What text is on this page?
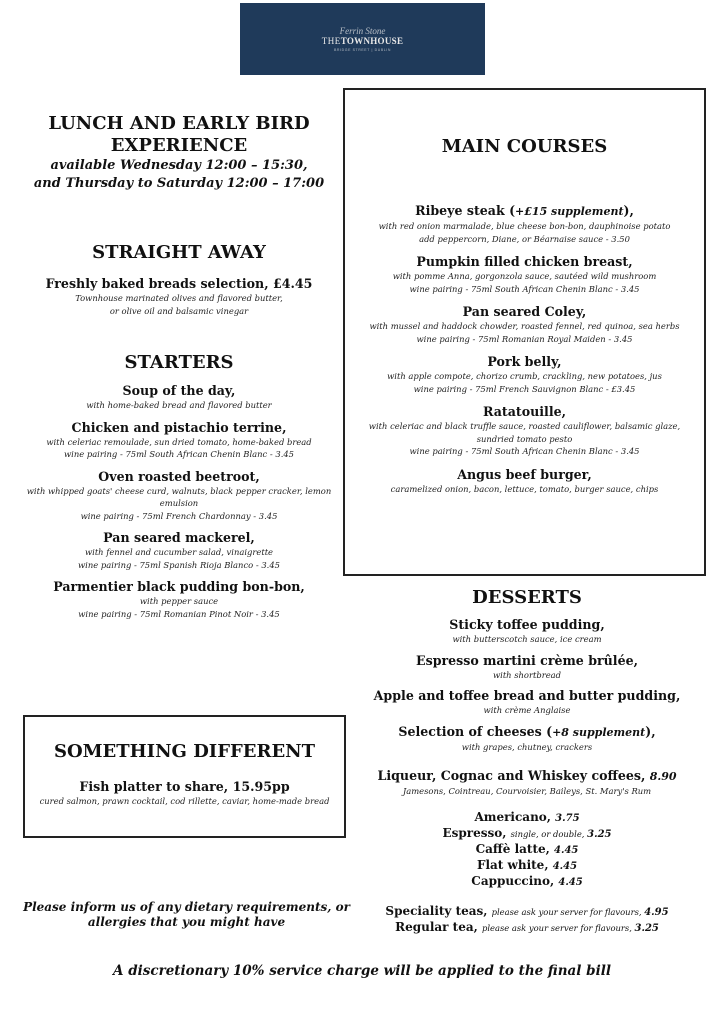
Ferrin Stone
THETOWNHOUSE
BRIDGE STREET | DUBLIN

LUNCH AND EARLY BIRD

EXPERIENCE

available Wednesday 12:00 – 15:30,

and Thursday to Saturday 12:00 – 17:00

STRAIGHT AWAY

Freshly baked breads selection, £4.45

Townhouse marinated olives and flavored butter,

or olive oil and balsamic vinegar

STARTERS

Soup of the day,

with home-baked bread and flavored butter

Chicken and pistachio terrine,

with celeriac remoulade, sun dried tomato, home-baked bread

wine pairing - 75ml South African Chenin Blanc - 3.45

Oven roasted beetroot,

with whipped goats' cheese curd, walnuts, black pepper cracker, lemon

emulsion

wine pairing - 75ml French Chardonnay - 3.45

Pan seared mackerel,

with fennel and cucumber salad, vinaigrette

wine pairing - 75ml Spanish Rioja Blanco - 3.45

Parmentier black pudding bon-bon,

with pepper sauce

wine pairing - 75ml Romanian Pinot Noir - 3.45

SOMETHING DIFFERENT

Fish platter to share, 15.95pp

cured salmon, prawn cocktail, cod rillette, caviar, home-made bread

Please inform us of any dietary requirements, or

allergies that you might have

MAIN COURSES

Ribeye steak (+£15 supplement),

with red onion marmalade, blue cheese bon-bon, dauphinoise potato

add peppercorn, Diane, or Béarnaise sauce - 3.50

Pumpkin filled chicken breast,

with pomme Anna, gorgonzola sauce, sautéed wild mushroom

wine pairing - 75ml South African Chenin Blanc - 3.45

Pan seared Coley,

with mussel and haddock chowder, roasted fennel, red quinoa, sea herbs

wine pairing - 75ml Romanian Royal Maiden - 3.45

Pork belly,

with apple compote, chorizo crumb, crackling, new potatoes, jus

wine pairing - 75ml French Sauvignon Blanc - £3.45

Ratatouille,

with celeriac and black truffle sauce, roasted cauliflower, balsamic glaze,

sundried tomato pesto

wine pairing - 75ml South African Chenin Blanc - 3.45

Angus beef burger,

caramelized onion, bacon, lettuce, tomato, burger sauce, chips

DESSERTS

Sticky toffee pudding,

with butterscotch sauce, ice cream

Espresso martini crème brûlée,

with shortbread

Apple and toffee bread and butter pudding,

with crème Anglaise

Selection of cheeses (+8 supplement),

with grapes, chutney, crackers

Liqueur, Cognac and Whiskey coffees, 8.90

Jamesons, Cointreau, Courvoisier, Baileys, St. Mary's Rum

Americano, 3.75

Espresso, single, or double, 3.25

Caffè latte, 4.45

Flat white, 4.45

Cappuccino, 4.45

Speciality teas, please ask your server for flavours, 4.95

Regular tea, please ask your server for flavours, 3.25

A discretionary 10% service charge will be applied to the final bill
